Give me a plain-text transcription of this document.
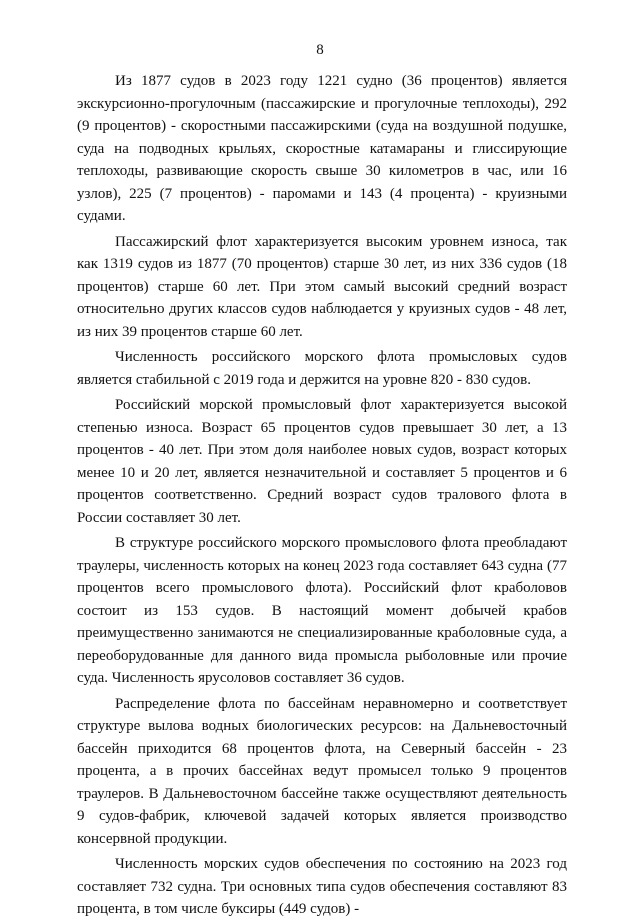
8

Из 1877 судов в 2023 году 1221 судно (36 процентов) является экскурсионно-прогулочным (пассажирские и прогулочные теплоходы), 292 (9 процентов) - скоростными пассажирскими (суда на воздушной подушке, суда на подводных крыльях, скоростные катамараны и глиссирующие теплоходы, развивающие скорость свыше 30 километров в час, или 16 узлов), 225 (7 процентов) - паромами и 143 (4 процента) - круизными судами.

Пассажирский флот характеризуется высоким уровнем износа, так как 1319 судов из 1877 (70 процентов) старше 30 лет, из них 336 судов (18 процентов) старше 60 лет. При этом самый высокий средний возраст относительно других классов судов наблюдается у круизных судов - 48 лет, из них 39 процентов старше 60 лет.

Численность российского морского флота промысловых судов является стабильной с 2019 года и держится на уровне 820 - 830 судов.

Российский морской промысловый флот характеризуется высокой степенью износа. Возраст 65 процентов судов превышает 30 лет, а 13 процентов - 40 лет. При этом доля наиболее новых судов, возраст которых менее 10 и 20 лет, является незначительной и составляет 5 процентов и 6 процентов соответственно. Средний возраст судов тралового флота в России составляет 30 лет.

В структуре российского морского промыслового флота преобладают траулеры, численность которых на конец 2023 года составляет 643 судна (77 процентов всего промыслового флота). Российский флот краболовов состоит из 153 судов. В настоящий момент добычей крабов преимущественно занимаются не специализированные краболовные суда, а переоборудованные для данного вида промысла рыболовные или прочие суда. Численность ярусоловов составляет 36 судов.

Распределение флота по бассейнам неравномерно и соответствует структуре вылова водных биологических ресурсов: на Дальневосточный бассейн приходится 68 процентов флота, на Северный бассейн - 23 процента, а в прочих бассейнах ведут промысел только 9 процентов траулеров. В Дальневосточном бассейне также осуществляют деятельность 9 судов-фабрик, ключевой задачей которых является производство консервной продукции.

Численность морских судов обеспечения по состоянию на 2023 год составляет 732 судна. Три основных типа судов обеспечения составляют 83 процента, в том числе буксиры (449 судов) -
